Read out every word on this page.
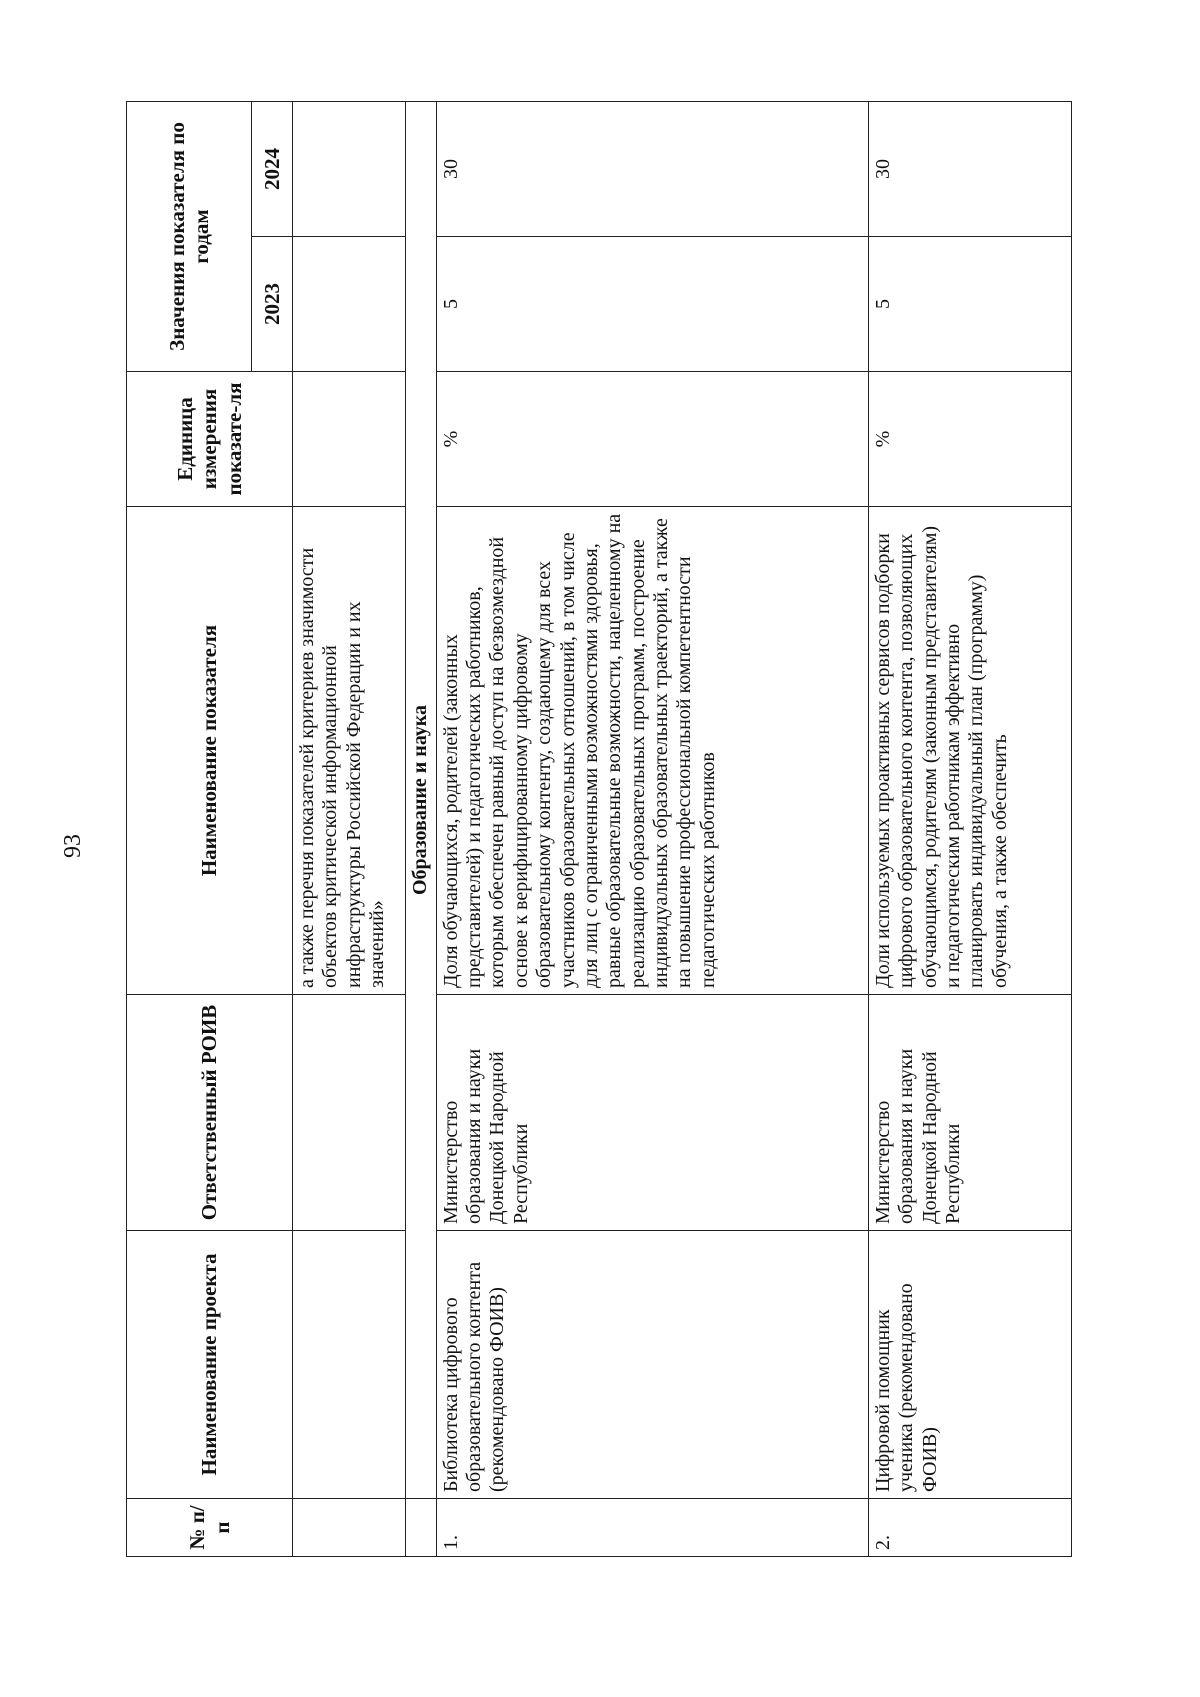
93
№ п/п	Наименование проекта	Ответственный РОИВ	Наименование показателя	Единица измерения показате-ля	Значения показателя по годам	
					2023	2024
			а также перечня показателей критериев значимости объектов критической информационной инфраструктуры Российской Федерации и их значений»			
	Образование и наука					
1.	Библиотека цифрового образовательного контента (рекомендовано ФОИВ)	Министерство образования и науки Донецкой Народной Республики	Доля обучающихся, родителей (законных представителей) и педагогических работников, которым обеспечен равный доступ на безвозмездной основе к верифицированному цифровому образовательному контенту, создающему для всех участников образовательных отношений, в том числе для лиц с ограниченными возможностями здоровья, равные образовательные возможности, нацеленному на реализацию образовательных программ, построение индивидуальных образовательных траекторий, а также на повышение профессиональной компетентности педагогических работников	%	5	30
2.	Цифровой помощник ученика (рекомендовано ФОИВ)	Министерство образования и науки Донецкой Народной Республики	Доли используемых проактивных сервисов подборки цифрового образовательного контента, позволяющих обучающимся, родителям (законным представителям) и педагогическим работникам эффективно планировать индивидуальный план (программу) обучения, а также обеспечить	%	5	30
